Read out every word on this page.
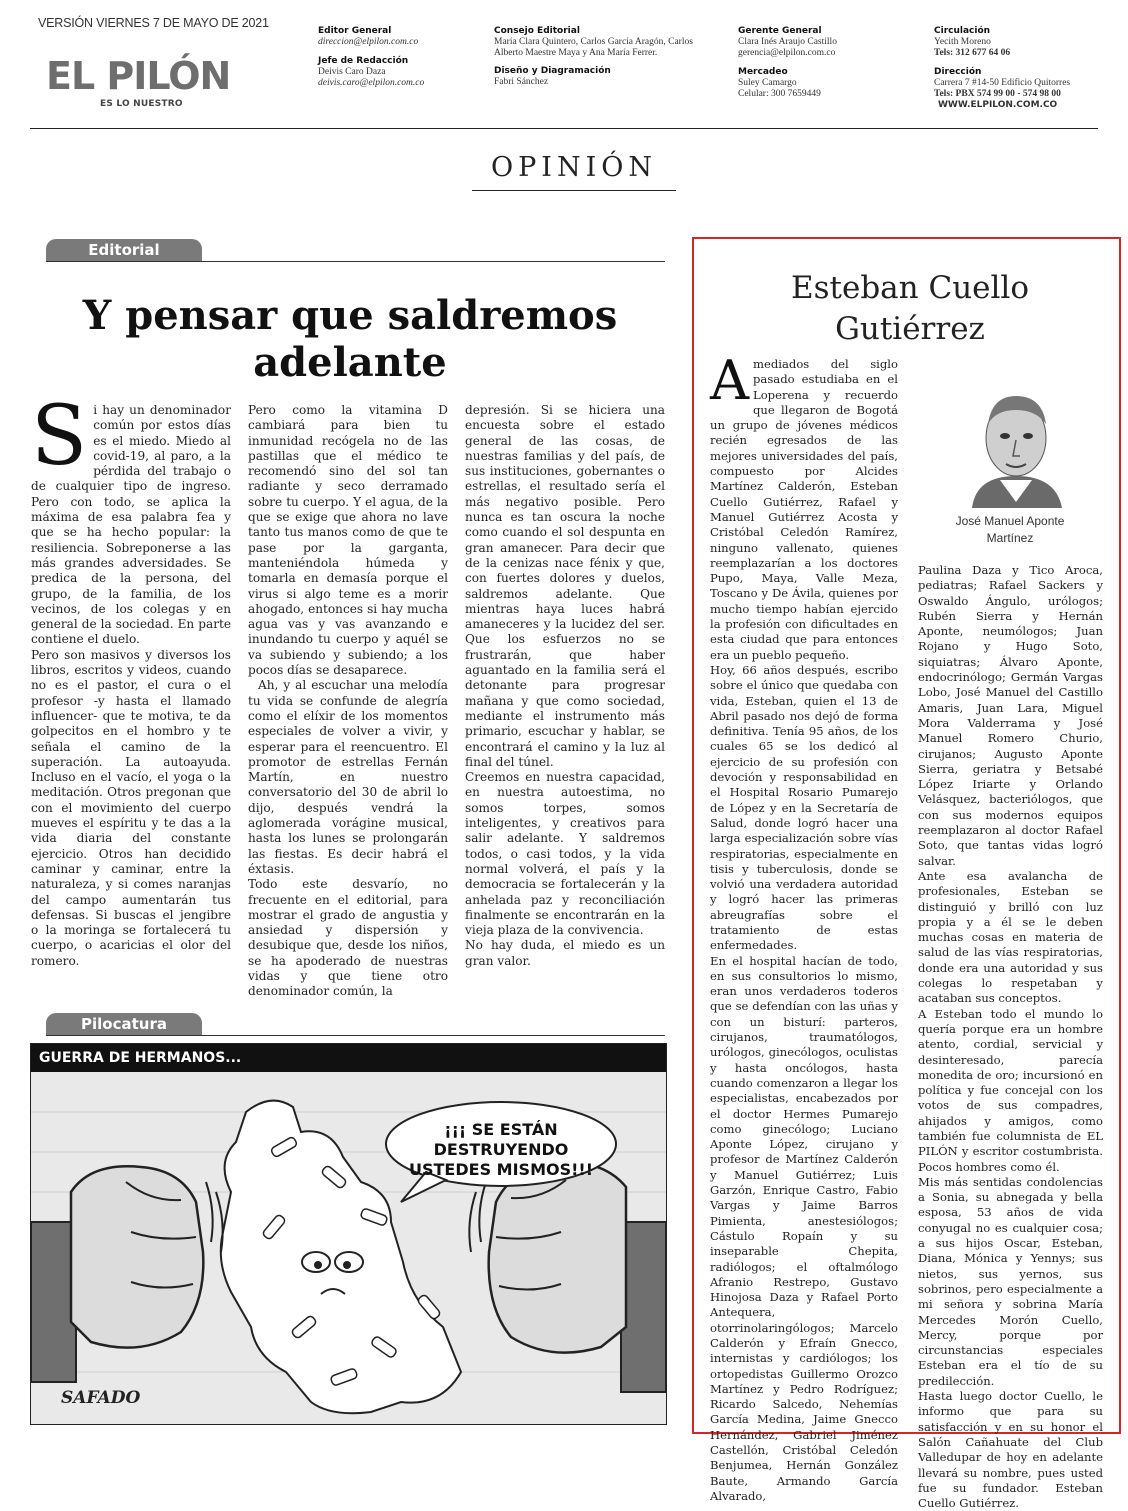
VERSIÓN VIERNES 7 DE MAYO DE 2021
EL PILÓN
ES LO NUESTRO
Editor General
direccion@elpilon.com.co
Jefe de Redacción
Deivis Caro Daza
deivis.caro@elpilon.com.co
Consejo Editorial
María Clara Quintero, Carlos García Aragón, Carlos Alberto Maestre Maya y Ana María Ferrer.
Diseño y Diagramación
Fabri Sánchez
Gerente General
Clara Inés Araujo Castillo
gerencia@elpilon.com.co
Mercadeo
Suley Camargo
Celular: 300 7659449
Circulación
Yecith Moreno
Tels: 312 677 64 06
Dirección
Carrera 7 #14-50 Edificio Quitorres
Tels: PBX 574 99 00 - 574 98 00
WWW.ELPILON.COM.CO
OPINIÓN
Editorial
Y pensar que saldremos
adelante
S i hay un denominador común por estos días es el miedo. Miedo al covid-19, al paro, a la pérdida del trabajo o de cualquier tipo de ingreso. Pero con todo, se aplica la máxima de esa palabra fea y que se ha hecho popular: la resiliencia. Sobreponerse a las más grandes adversidades. Se predica de la persona, del grupo, de la familia, de los vecinos, de los colegas y en general de la sociedad. En parte contiene el duelo.

Pero son masivos y diversos los libros, escritos y videos, cuando no es el pastor, el cura o el profesor -y hasta el llamado influencer- que te motiva, te da golpecitos en el hombro y te señala el camino de la superación. La autoayuda. Incluso en el vacío, el yoga o la meditación. Otros pregonan que con el movimiento del cuerpo mueves el espíritu y te das a la vida diaria del constante ejercicio. Otros han decidido caminar y caminar, entre la naturaleza, y si comes naranjas del campo aumentarán tus defensas. Si buscas el jengibre o la moringa se fortalecerá tu cuerpo, o acaricias el olor del romero.

Pero como la vitamina D cambiará para bien tu inmunidad recógela no de las pastillas que el médico te recomendó sino del sol tan radiante y seco derramado sobre tu cuerpo. Y el agua, de la que se exige que ahora no lave tanto tus manos como de que te pase por la garganta, manteniéndola húmeda y tomarla en demasía porque el virus si algo teme es a morir ahogado, entonces si hay mucha agua vas y vas avanzando e inundando tu cuerpo y aquél se va subiendo y subiendo; a los pocos días se desaparece.

Ah, y al escuchar una melodía tu vida se confunde de alegría como el elíxir de los momentos especiales de volver a vivir, y esperar para el reencuentro. El promotor de estrellas Fernán Martín, en nuestro conversatorio del 30 de abril lo dijo, después vendrá la aglomerada vorágine musical, hasta los lunes se prolongarán las fiestas. Es decir habrá el éxtasis.

Todo este desvarío, no frecuente en el editorial, para mostrar el grado de angustia y ansiedad y dispersión y desubique que, desde los niños, se ha apoderado de nuestras vidas y que tiene otro denominador común, la

depresión. Si se hiciera una encuesta sobre el estado general de las cosas, de nuestras familias y del país, de sus instituciones, gobernantes o estrellas, el resultado sería el más negativo posible. Pero nunca es tan oscura la noche como cuando el sol despunta en gran amanecer. Para decir que de la cenizas nace fénix y que, con fuertes dolores y duelos, saldremos adelante. Que mientras haya luces habrá amaneceres y la lucidez del ser. Que los esfuerzos no se frustrarán, que haber aguantado en la familia será el detonante para progresar mañana y que como sociedad, mediante el instrumento más primario, escuchar y hablar, se encontrará el camino y la luz al final del túnel.

Creemos en nuestra capacidad, en nuestra autoestima, no somos torpes, somos inteligentes, y creativos para salir adelante. Y saldremos todos, o casi todos, y la vida normal volverá, el país y la democracia se fortalecerán y la anhelada paz y reconciliación finalmente se encontrarán en la vieja plaza de la convivencia.

No hay duda, el miedo es un gran valor.

Pilocatura
GUERRA DE HERMANOS...
¡¡¡ SE ESTÁN DESTRUYENDO
USTEDES MISMOS!!!
SAFADO
Esteban Cuello
Gutiérrez
José Manuel Aponte
Martínez
A mediados del siglo pasado estudiaba en el Loperena y recuerdo que llegaron de Bogotá un grupo de jóvenes médicos recién egresados de las mejores universidades del país, compuesto por Alcides Martínez Calderón, Esteban Cuello Gutiérrez, Rafael y Manuel Gutiérrez Acosta y Cristóbal Celedón Ramírez, ninguno vallenato, quienes reemplazarían a los doctores Pupo, Maya, Valle Meza, Toscano y De Ávila, quienes por mucho tiempo habían ejercido la profesión con dificultades en esta ciudad que para entonces era un pueblo pequeño.

Hoy, 66 años después, escribo sobre el único que quedaba con vida, Esteban, quien el 13 de Abril pasado nos dejó de forma definitiva. Tenía 95 años, de los cuales 65 se los dedicó al ejercicio de su profesión con devoción y responsabilidad en el Hospital Rosario Pumarejo de López y en la Secretaría de Salud, donde logró hacer una larga especialización sobre vías respiratorias, especialmente en tisis y tuberculosis, donde se volvió una verdadera autoridad y logró hacer las primeras abreugrafías sobre el tratamiento de estas enfermedades.

En el hospital hacían de todo, en sus consultorios lo mismo, eran unos verdaderos toderos que se defendían con las uñas y con un bisturí: parteros, cirujanos, traumatólogos, urólogos, ginecólogos, oculistas y hasta oncólogos, hasta cuando comenzaron a llegar los especialistas, encabezados por el doctor Hermes Pumarejo como ginecólogo; Luciano Aponte López, cirujano y profesor de Martínez Calderón y Manuel Gutiérrez; Luis Garzón, Enrique Castro, Fabio Vargas y Jaime Barros Pimienta, anestesiólogos; Cástulo Ropaín y su inseparable Chepita, radiólogos; el oftalmólogo Afranio Restrepo, Gustavo Hinojosa Daza y Rafael Porto Antequera, otorrinolaringólogos; Marcelo Calderón y Efraín Gnecco, internistas y cardiólogos; los ortopedistas Guillermo Orozco Martínez y Pedro Rodríguez; Ricardo Salcedo, Nehemías García Medina, Jaime Gnecco Hernández, Gabriel Jiménez Castellón, Cristóbal Celedón Benjumea, Hernán González Baute, Armando García Alvarado,

Paulina Daza y Tico Aroca, pediatras; Rafael Sackers y Oswaldo Ángulo, urólogos; Rubén Sierra y Hernán Aponte, neumólogos; Juan Rojano y Hugo Soto, siquiatras; Álvaro Aponte, endocrinólogo; Germán Vargas Lobo, José Manuel del Castillo Amaris, Juan Lara, Miguel Mora Valderrama y José Manuel Romero Churio, cirujanos; Augusto Aponte Sierra, geriatra y Betsabé López Iriarte y Orlando Velásquez, bacteriólogos, que con sus modernos equipos reemplazaron al doctor Rafael Soto, que tantas vidas logró salvar.

Ante esa avalancha de profesionales, Esteban se distinguió y brilló con luz propia y a él se le deben muchas cosas en materia de salud de las vías respiratorias, donde era una autoridad y sus colegas lo respetaban y acataban sus conceptos.

A Esteban todo el mundo lo quería porque era un hombre atento, cordial, servicial y desinteresado, parecía monedita de oro; incursionó en política y fue concejal con los votos de sus compadres, ahijados y amigos, como también fue columnista de EL PILÓN y escritor costumbrista. Pocos hombres como él.

Mis más sentidas condolencias a Sonia, su abnegada y bella esposa, 53 años de vida conyugal no es cualquier cosa; a sus hijos Oscar, Esteban, Diana, Mónica y Yennys; sus nietos, sus yernos, sus sobrinos, pero especialmente a mi señora y sobrina María Mercedes Morón Cuello, Mercy, porque por circunstancias especiales Esteban era el tío de su predilección.

Hasta luego doctor Cuello, le informo que para su satisfacción y en su honor el Salón Cañahuate del Club Valledupar de hoy en adelante llevará su nombre, pues usted fue su fundador. Esteban Cuello Gutiérrez.
